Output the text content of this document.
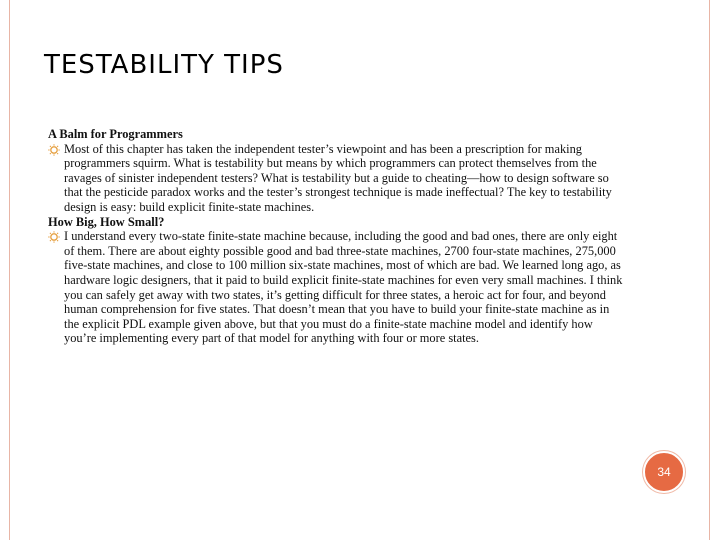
TESTABILITY TIPS

A Balm for Programmers

Most of this chapter has taken the independent tester’s viewpoint and has been a prescription for making programmers squirm. What is testability but means by which programmers can protect themselves from the ravages of sinister independent testers? What is testability but a guide to cheating—how to design software so that the pesticide paradox works and the tester’s strongest technique is made ineffectual? The key to testability design is easy: build explicit finite-state machines.

How Big, How Small?

I understand every two-state finite-state machine because, including the good and bad ones, there are only eight of them. There are about eighty possible good and bad three-state machines, 2700 four-state machines, 275,000 five-state machines, and close to 100 million six-state machines, most of which are bad. We learned long ago, as hardware logic designers, that it paid to build explicit finite-state machines for even very small machines. I think you can safely get away with two states, it’s getting difficult for three states, a heroic act for four, and beyond human comprehension for five states. That doesn’t mean that you have to build your finite-state machine as in the explicit PDL example given above, but that you must do a finite-state machine model and identify how you’re implementing every part of that model for anything with four or more states.

34
